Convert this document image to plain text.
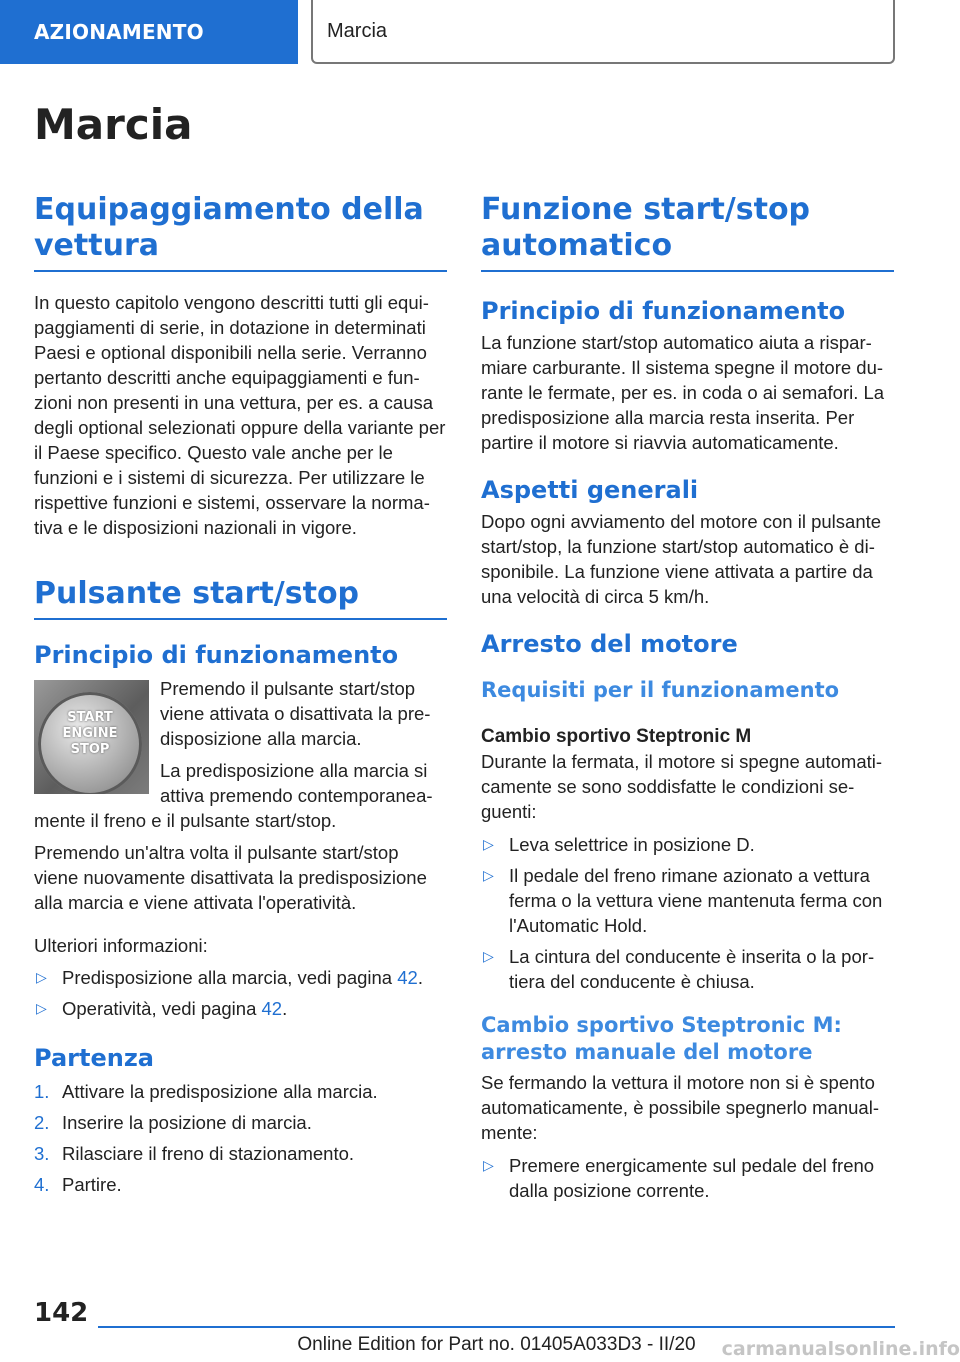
AZIONAMENTO	Marcia
Marcia
Equipaggiamento della vettura

In questo capitolo vengono descritti tutti gli equipaggiamenti di serie, in dotazione in determinati Paesi e optional disponibili nella serie. Verranno pertanto descritti anche equipaggiamenti e funzioni non presenti in una vettura, per es. a causa degli optional selezionati oppure della variante per il Paese specifico. Questo vale anche per le funzioni e i sistemi di sicurezza. Per utilizzare le rispettive funzioni e sistemi, osservare la normativa e le disposizioni nazionali in vigore.

Pulsante start/stop
Principio di funzionamento
START
ENGINE
STOP

Premendo il pulsante start/stop viene attivata o disattivata la predisposizione alla marcia.

La predisposizione alla marcia si attiva premendo contemporaneamente il freno e il pulsante start/stop.

Premendo un'altra volta il pulsante start/stop viene nuovamente disattivata la predisposizione alla marcia e viene attivata l'operatività.

Ulteriori informazioni:

▷ Predisposizione alla marcia, vedi pagina 42.
▷ Operatività, vedi pagina 42.
Partenza
1. Attivare la predisposizione alla marcia.
2. Inserire la posizione di marcia.
3. Rilasciare il freno di stazionamento.
4. Partire.
Funzione start/stop automatico
Principio di funzionamento

La funzione start/stop automatico aiuta a risparmiare carburante. Il sistema spegne il motore durante le fermate, per es. in coda o ai semafori. La predisposizione alla marcia resta inserita. Per partire il motore si riavvia automaticamente.

Aspetti generali

Dopo ogni avviamento del motore con il pulsante start/stop, la funzione start/stop automatico è disponibile. La funzione viene attivata a partire da una velocità di circa 5 km/h.

Arresto del motore
Requisiti per il funzionamento
Cambio sportivo Steptronic M

Durante la fermata, il motore si spegne automaticamente se sono soddisfatte le condizioni seguenti:

▷ Leva selettrice in posizione D.
▷ Il pedale del freno rimane azionato a vettura ferma o la vettura viene mantenuta ferma con l'Automatic Hold.
▷ La cintura del conducente è inserita o la portiera del conducente è chiusa.
Cambio sportivo Steptronic M: arresto manuale del motore

Se fermando la vettura il motore non si è spento automaticamente, è possibile spegnerlo manualmente:

▷ Premere energicamente sul pedale del freno dalla posizione corrente.
142
Online Edition for Part no. 01405A033D3 - II/20	carmanualsonline.info
